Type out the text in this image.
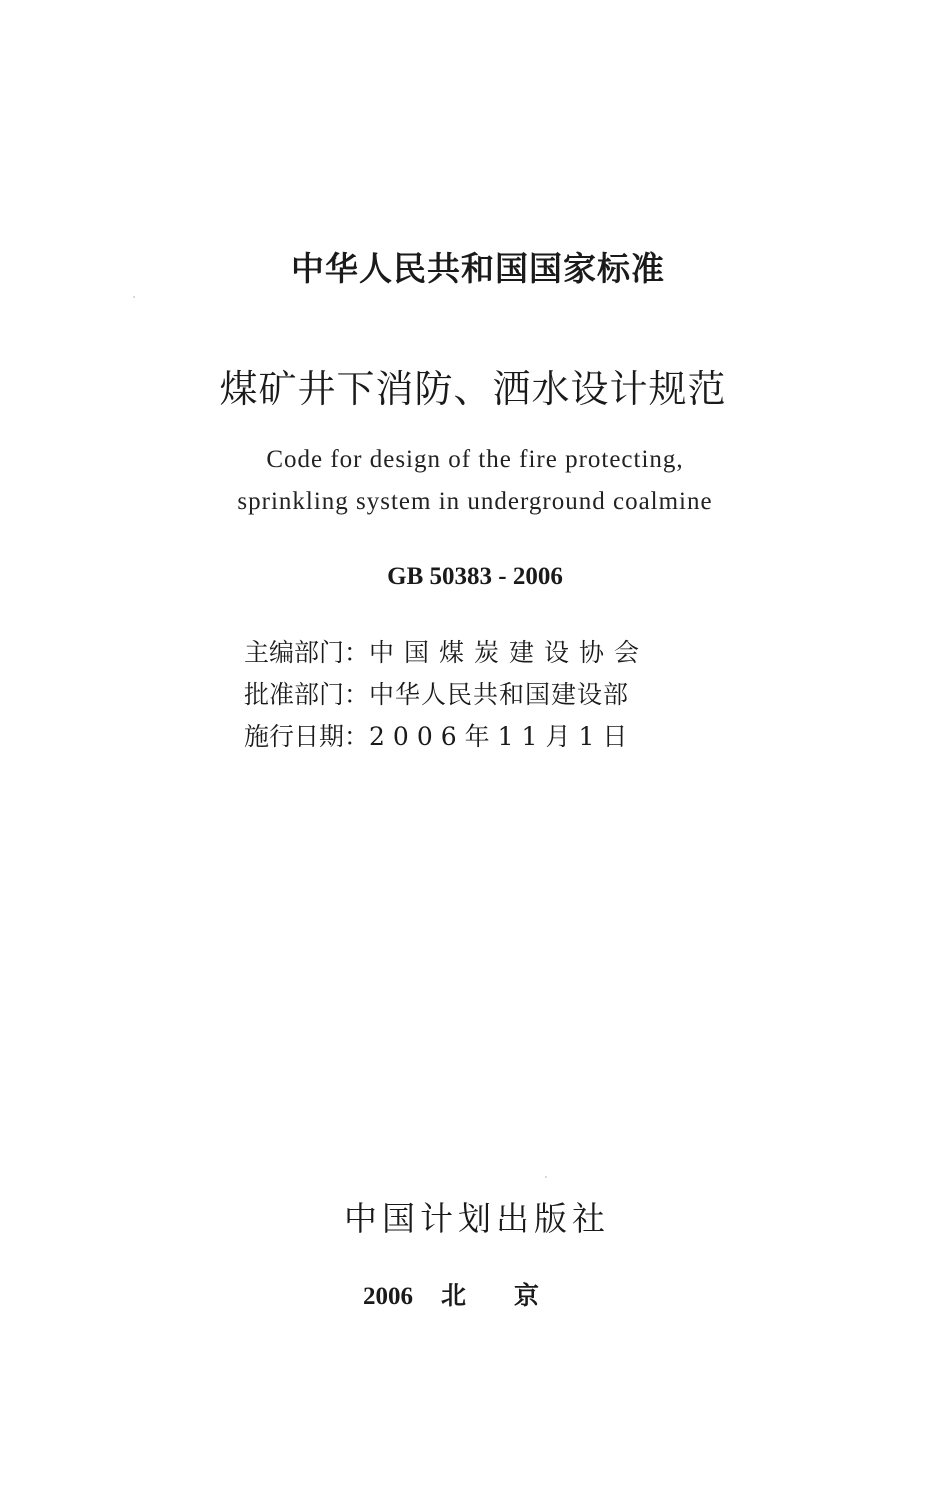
中华人民共和国国家标准
煤矿井下消防、洒水设计规范
Code for design of the fire protecting,
sprinkling system in underground coalmine
GB 50383 - 2006
主编部门：中国煤炭建设协会
批准部门：中华人民共和国建设部
施行日期：2006年11月1日
中国计划出版社
2006 北京
